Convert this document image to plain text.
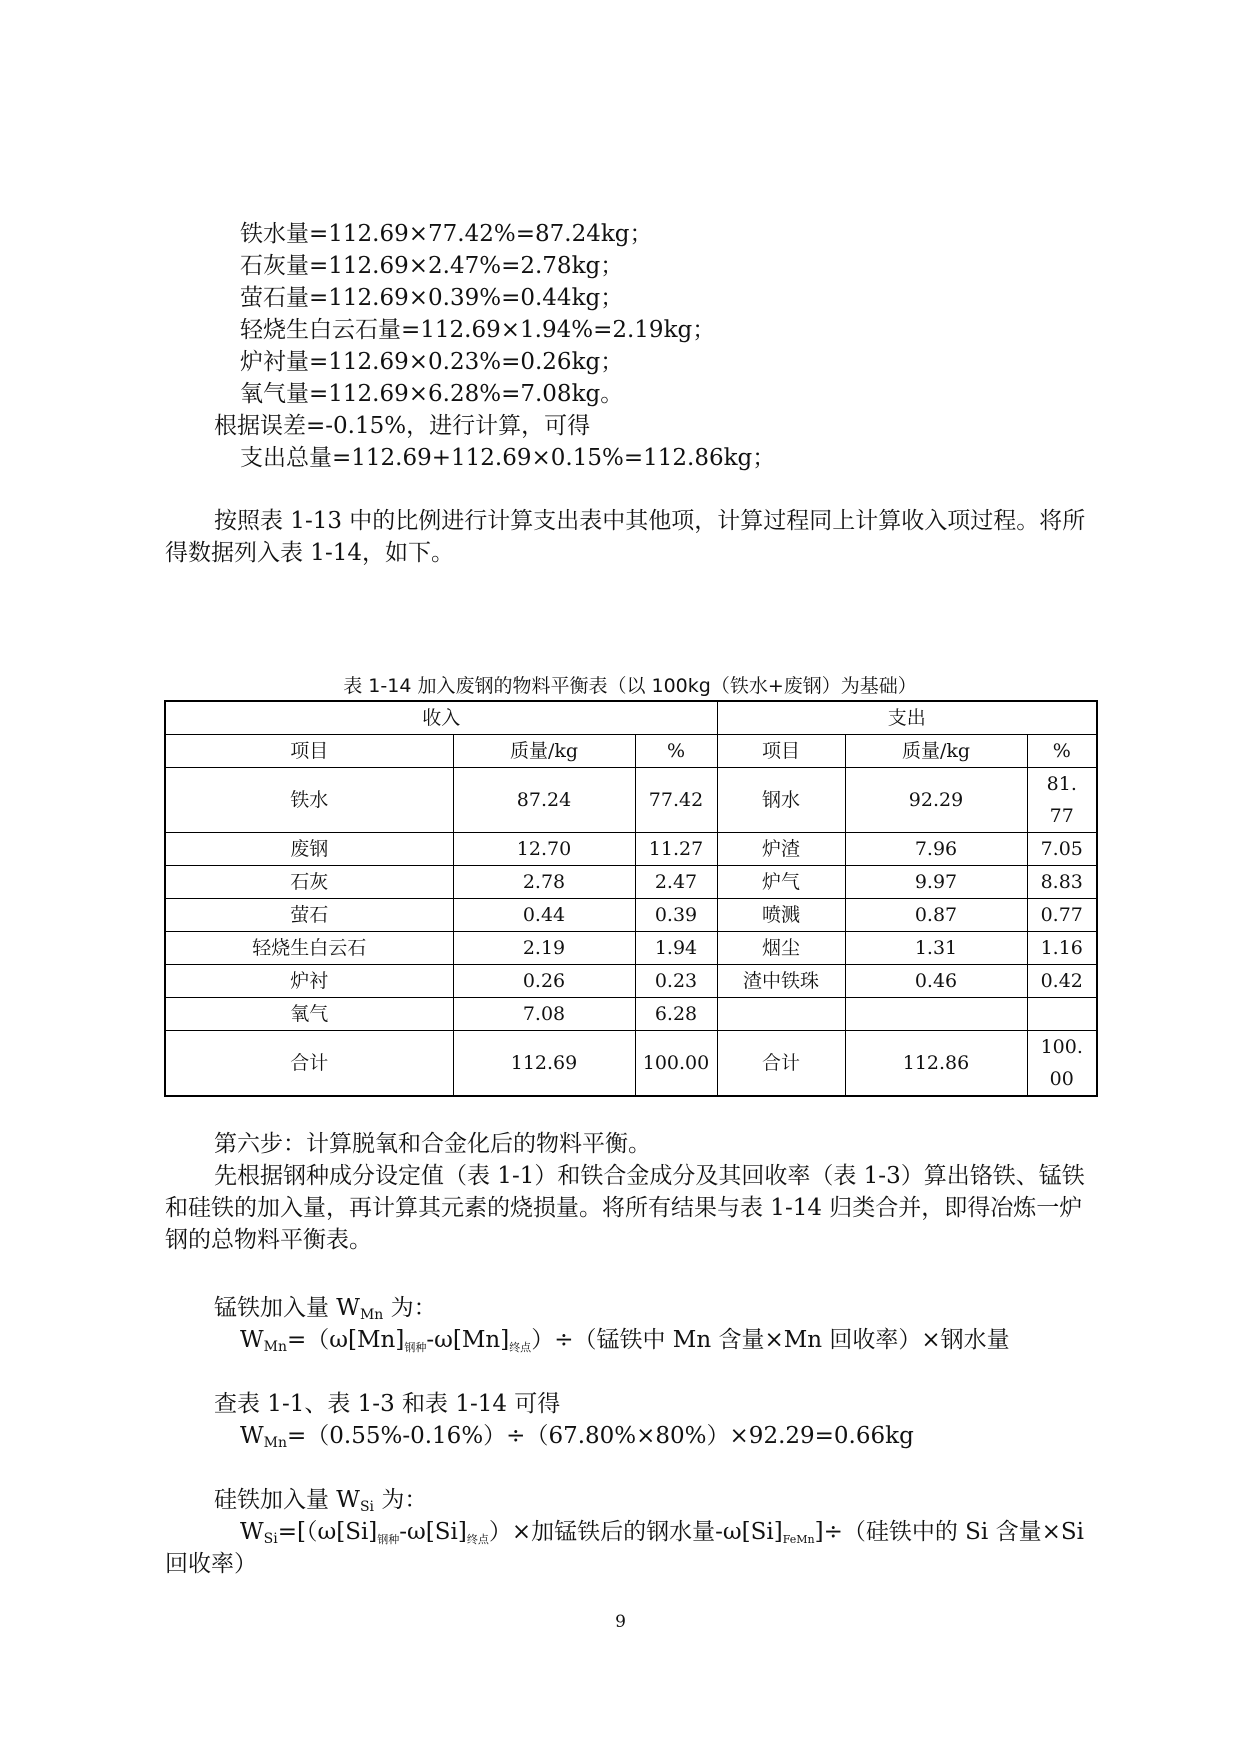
铁水量=112.69×77.42%=87.24kg；
石灰量=112.69×2.47%=2.78kg；
萤石量=112.69×0.39%=0.44kg；
轻烧生白云石量=112.69×1.94%=2.19kg；
炉衬量=112.69×0.23%=0.26kg；
氧气量=112.69×6.28%=7.08kg。
根据误差=-0.15%，进行计算，可得
支出总量=112.69+112.69×0.15%=112.86kg；
按照表 1-13 中的比例进行计算支出表中其他项，计算过程同上计算收入项过程。将所得数据列入表 1-14，如下。
表 1-14 加入废钢的物料平衡表（以 100kg（铁水+废钢）为基础）
收入			支出		
项目	质量/kg	%	项目	质量/kg	%
铁水	87.24	77.42	钢水	92.29	81.77
废钢	12.70	11.27	炉渣	7.96	7.05
石灰	2.78	2.47	炉气	9.97	8.83
萤石	0.44	0.39	喷溅	0.87	0.77
轻烧生白云石	2.19	1.94	烟尘	1.31	1.16
炉衬	0.26	0.23	渣中铁珠	0.46	0.42
氧气	7.08	6.28			
合计	112.69	100.00	合计	112.86	100.00
第六步：计算脱氧和合金化后的物料平衡。
先根据钢种成分设定值（表 1-1）和铁合金成分及其回收率（表 1-3）算出铬铁、锰铁和硅铁的加入量，再计算其元素的烧损量。将所有结果与表 1-14 归类合并，即得冶炼一炉钢的总物料平衡表。
锰铁加入量 $W_{Mn}$ 为：
$W_{Mn}=(\omega[Mn]_{钢种}-\omega[Mn]_{终点})\div$（锰铁中 Mn 含量×Mn 回收率）×钢水量
查表 1-1、表 1-3 和表 1-14 可得
$W_{Mn}=(0.55\%-0.16\%)\div(67.80\%\times 80\%)\times 92.29=0.66kg$
硅铁加入量 $W_{Si}$ 为：
$W_{Si}=[(\omega[Si]_{钢种}-\omega[Si]_{终点})\times$加锰铁后的钢水量$-\omega[Si]_{FeMn}]\div$（硅铁中的 Si 含量×Si
回收率）
9
